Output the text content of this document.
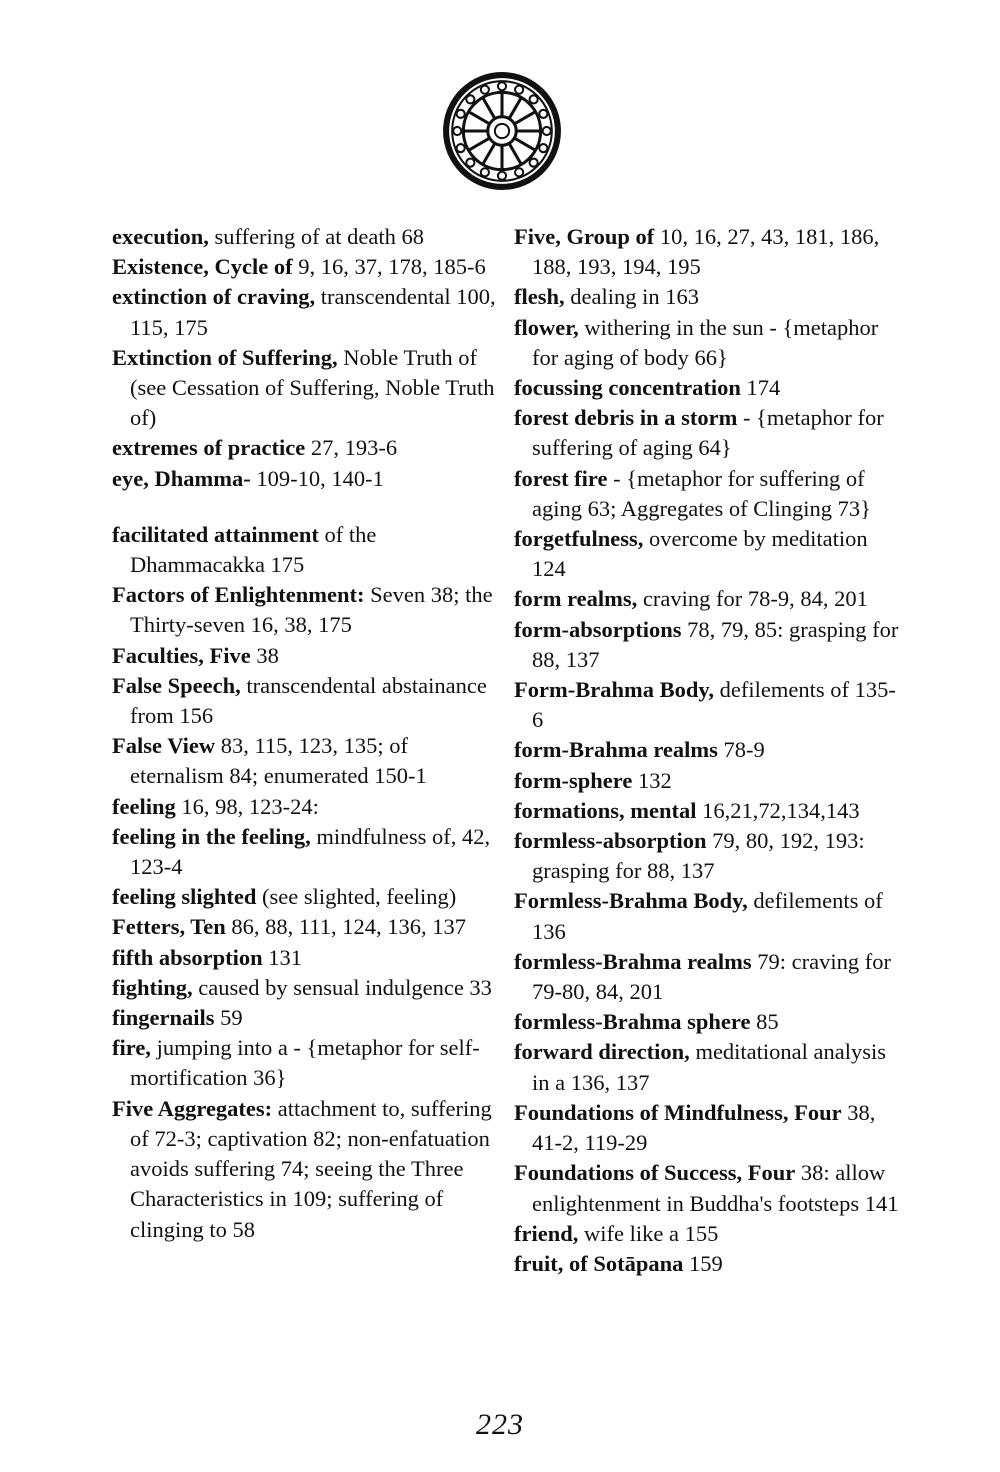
execution, suffering of at death 68
Existence, Cycle of 9, 16, 37, 178, 185-6
extinction of craving, transcendental 100, 115, 175
Extinction of Suffering, Noble Truth of (see Cessation of Suffering, Noble Truth of)
extremes of practice 27, 193-6
eye, Dhamma- 109-10, 140-1
facilitated attainment of the Dhammacakka 175
Factors of Enlightenment: Seven 38; the Thirty-seven 16, 38, 175
Faculties, Five 38
False Speech, transcendental abstainance from 156
False View 83, 115, 123, 135; of eternalism 84; enumerated 150-1
feeling 16, 98, 123-24:
feeling in the feeling, mindfulness of, 42, 123-4
feeling slighted (see slighted, feeling)
Fetters, Ten 86, 88, 111, 124, 136, 137
fifth absorption 131
fighting, caused by sensual indulgence 33
fingernails 59
fire, jumping into a - {metaphor for self-mortification 36}
Five Aggregates: attachment to, suffering of 72-3; captivation 82; non-enfatuation avoids suffering 74; seeing the Three Characteristics in 109; suffering of clinging to 58
Five, Group of 10, 16, 27, 43, 181, 186, 188, 193, 194, 195
flesh, dealing in 163
flower, withering in the sun - {metaphor for aging of body 66}
focussing concentration 174
forest debris in a storm - {metaphor for suffering of aging 64}
forest fire - {metaphor for suffering of aging 63; Aggregates of Clinging 73}
forgetfulness, overcome by meditation 124
form realms, craving for 78-9, 84, 201
form-absorptions 78, 79, 85: grasping for 88, 137
Form-Brahma Body, defilements of 135-6
form-Brahma realms 78-9
form-sphere 132
formations, mental 16,21,72,134,143
formless-absorption 79, 80, 192, 193: grasping for 88, 137
Formless-Brahma Body, defilements of 136
formless-Brahma realms 79: craving for 79-80, 84, 201
formless-Brahma sphere 85
forward direction, meditational analysis in a 136, 137
Foundations of Mindfulness, Four 38, 41-2, 119-29
Foundations of Success, Four 38: allow enlightenment in Buddha's footsteps 141
friend, wife like a 155
fruit, of Sotāpana 159
223
